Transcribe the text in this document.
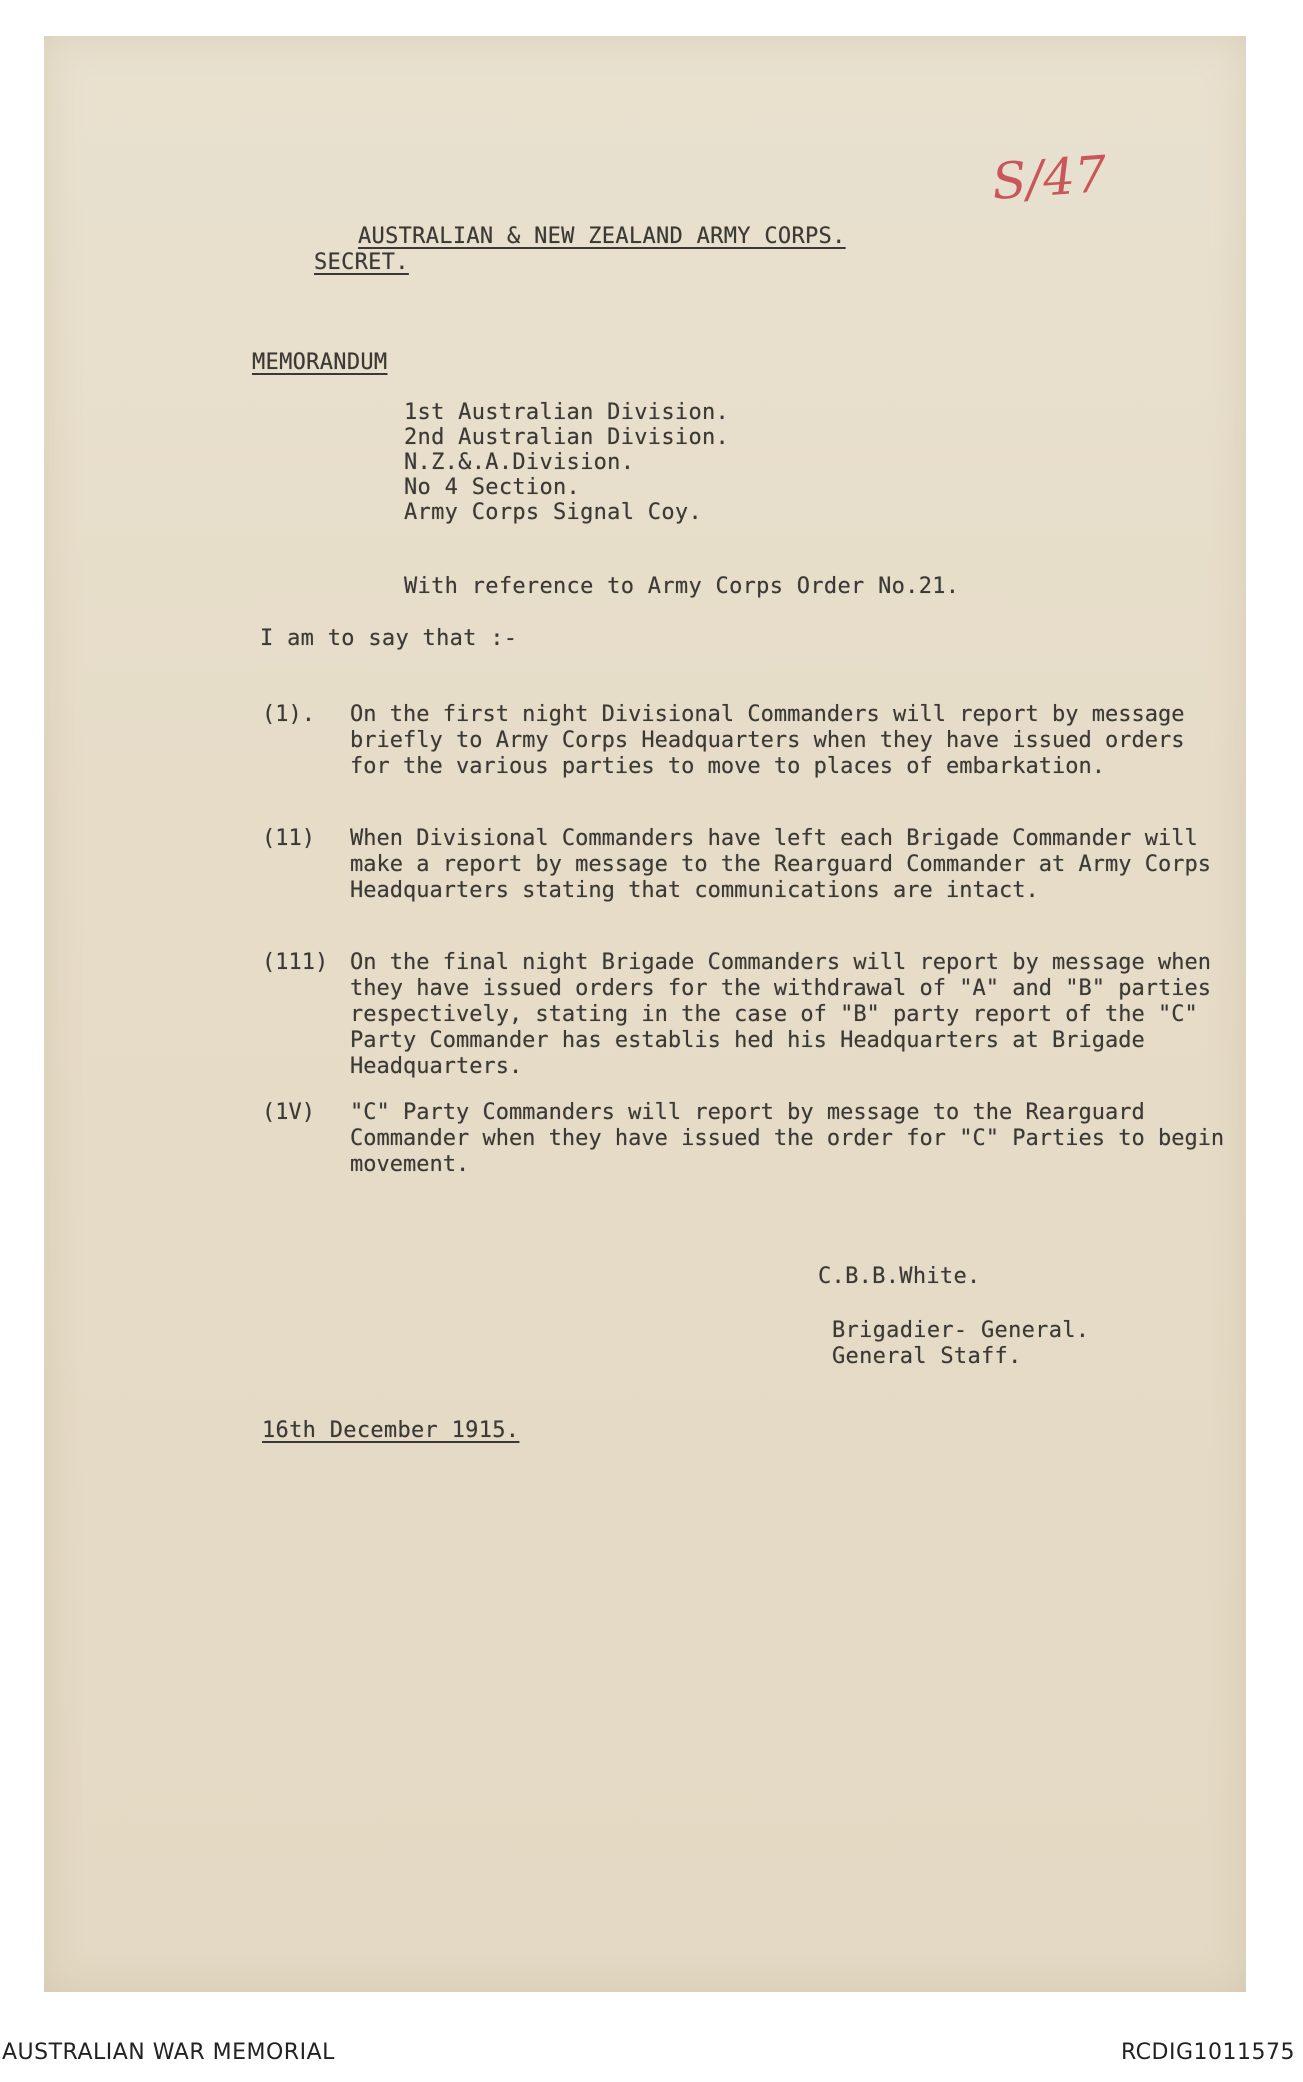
S/47
AUSTRALIAN & NEW ZEALAND ARMY CORPS.
SECRET.
MEMORANDUM
1st Australian Division.
2nd Australian Division.
N.Z.&.A.Division.
No 4 Section.
Army Corps Signal Coy.
With reference to Army Corps Order No.21.
I am to say that :-
(1). On the first night Divisional Commanders will report by message briefly to Army Corps Headquarters when they have issued orders for the various parties to move to places of embarkation.
(11) When Divisional Commanders have left each Brigade Commander will make a report by message to the Rearguard Commander at Army Corps Headquarters stating that communications are intact.
(111) On the final night Brigade Commanders will report by message when they have issued orders for the withdrawal of "A" and "B" parties respectively, stating in the case of "B" party report of the "C" Party Commander has establis hed his Headquarters at Brigade Headquarters.
(1V) "C" Party Commanders will report by message to the Rearguard Commander when they have issued the order for "C" Parties to begin movement.
C.B.B.White.
Brigadier- General.
General Staff.
16th December 1915.
AUSTRALIAN WAR MEMORIAL	RCDIG1011575
